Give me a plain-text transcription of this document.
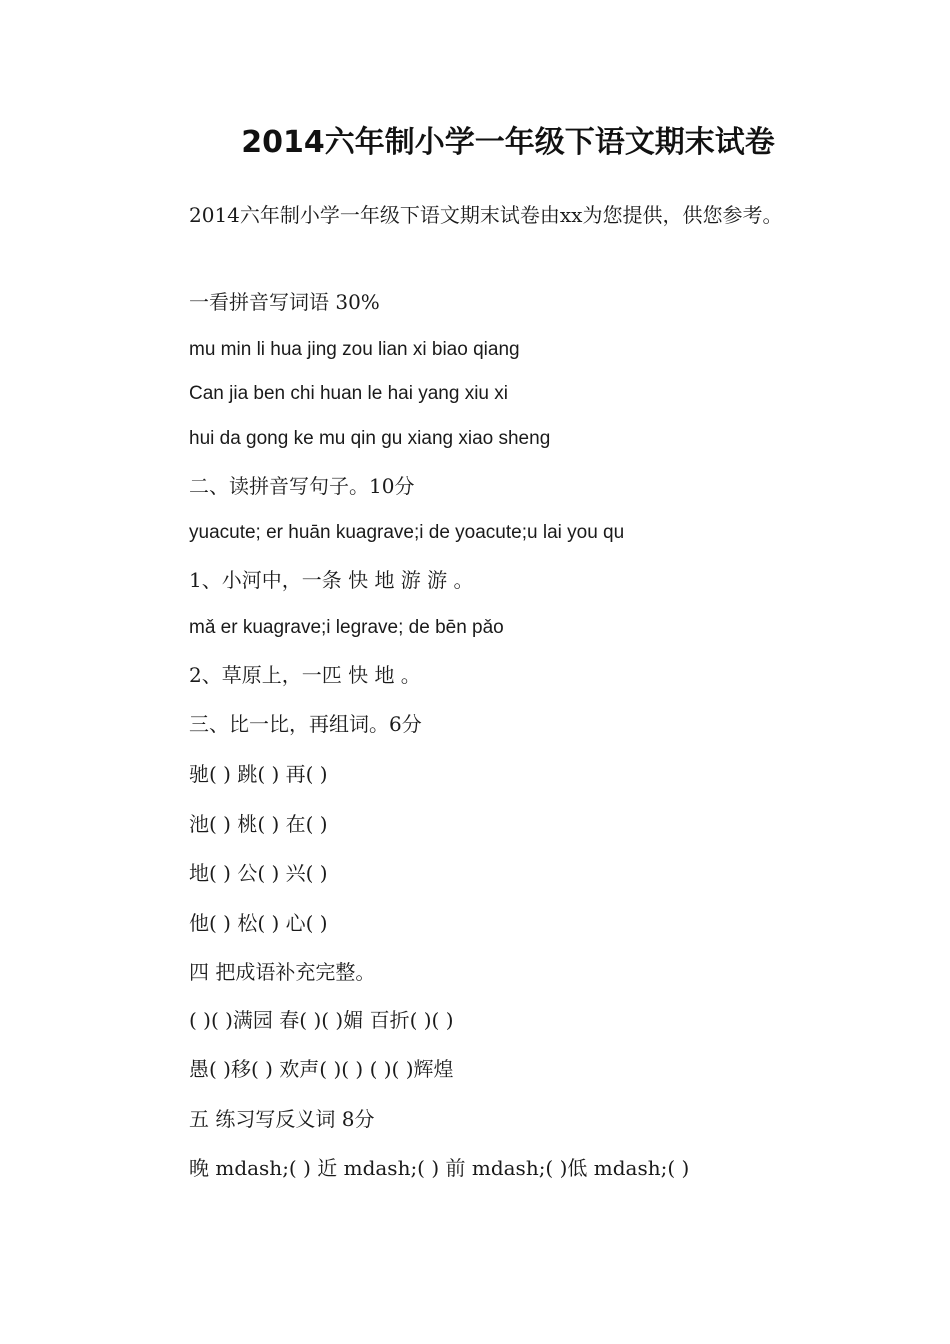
2014六年制小学一年级下语文期末试卷
2014六年制小学一年级下语文期末试卷由xx为您提供，供您参考。
一看拼音写词语 30%
mu min li hua jing zou lian xi biao qiang
Can jia ben chi huan le hai yang xiu xi
hui da gong ke mu qin gu xiang xiao sheng
二、读拼音写句子。10分
yuacute; er huān kuagrave;i de yoacute;u lai you qu
1、小河中，一条 快 地 游 游 。
mǎ er kuagrave;i legrave; de bēn pǎo
2、草原上，一匹 快 地 。
三、比一比，再组词。6分
驰( ) 跳( ) 再( )
池( ) 桃( ) 在( )
地( ) 公( ) 兴( )
他( ) 松( ) 心( )
四 把成语补充完整。
( )( )满园 春( )( )媚 百折( )( )
愚( )移( ) 欢声( )( ) ( )( )辉煌
五 练习写反义词 8分
晚 mdash;( ) 近 mdash;( ) 前 mdash;( )低 mdash;( )
